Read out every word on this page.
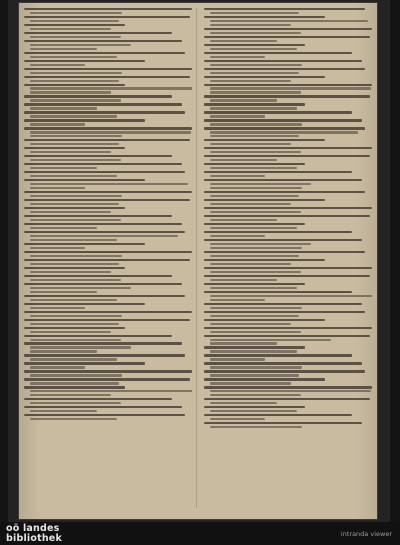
oö landes
bibliothek	intranda viewer
